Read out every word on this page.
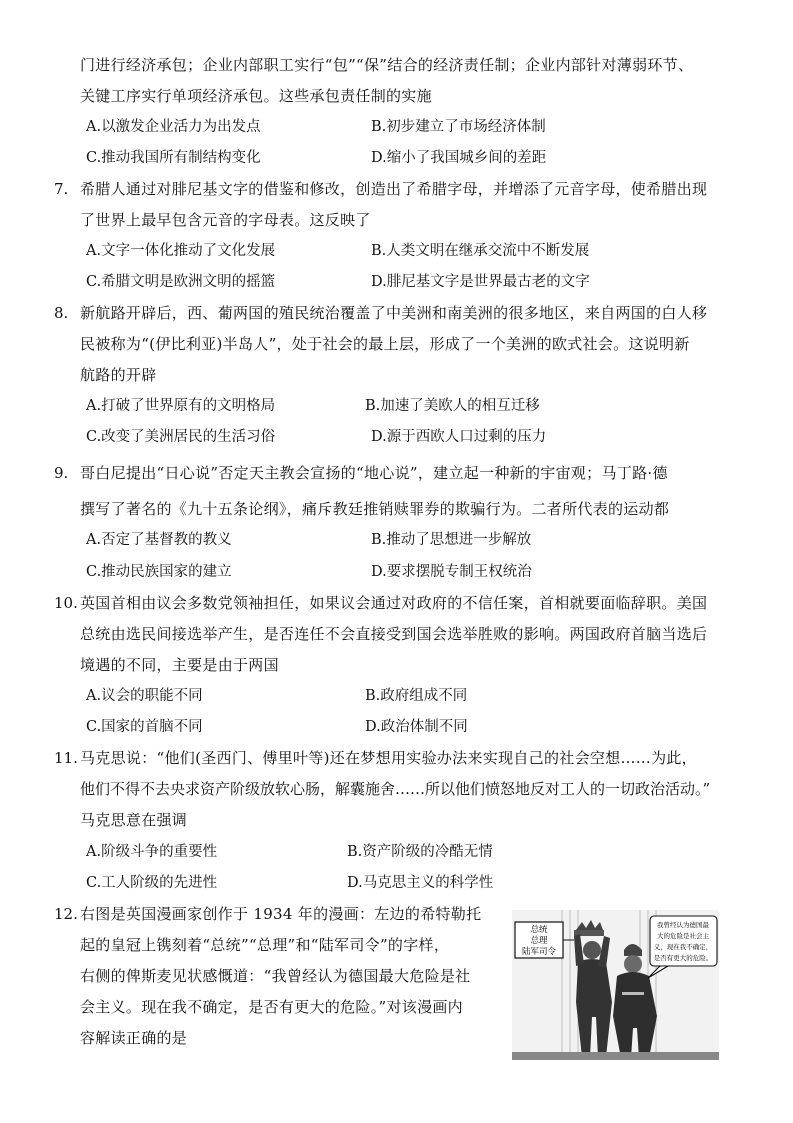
门进行经济承包；企业内部职工实行“包”“保”结合的经济责任制；企业内部针对薄弱环节、
关键工序实行单项经济承包。这些承包责任制的实施
A.以激发企业活力为出发点	B.初步建立了市场经济体制
C.推动我国所有制结构变化	D.缩小了我国城乡间的差距
7. 希腊人通过对腓尼基文字的借鉴和修改，创造出了希腊字母，并增添了元音字母，使希腊出现
了世界上最早包含元音的字母表。这反映了
A.文字一体化推动了文化发展	B.人类文明在继承交流中不断发展
C.希腊文明是欧洲文明的摇篮	D.腓尼基文字是世界最古老的文字
8. 新航路开辟后，西、葡两国的殖民统治覆盖了中美洲和南美洲的很多地区，来自两国的白人移
民被称为“(伊比利亚)半岛人”，处于社会的最上层，形成了一个美洲的欧式社会。这说明新
航路的开辟
A.打破了世界原有的文明格局	B.加速了美欧人的相互迁移
C.改变了美洲居民的生活习俗	D.源于西欧人口过剩的压力
9. 哥白尼提出“日心说”否定天主教会宣扬的“地心说”，建立起一种新的宇宙观；马丁路·德
撰写了著名的《九十五条论纲》，痛斥教廷推销赎罪券的欺骗行为。二者所代表的运动都
A.否定了基督教的教义	B.推动了思想进一步解放
C.推动民族国家的建立	D.要求摆脱专制王权统治
10. 英国首相由议会多数党领袖担任，如果议会通过对政府的不信任案，首相就要面临辞职。美国
总统由选民间接选举产生，是否连任不会直接受到国会选举胜败的影响。两国政府首脑当选后
境遇的不同，主要是由于两国
A.议会的职能不同	B.政府组成不同
C.国家的首脑不同	D.政治体制不同
11. 马克思说：“他们(圣西门、傅里叶等)还在梦想用实验办法来实现自己的社会空想……为此，
他们不得不去央求资产阶级放软心肠，解囊施舍……所以他们愤怒地反对工人的一切政治活动。”
马克思意在强调
A.阶级斗争的重要性	B.资产阶级的冷酷无情
C.工人阶级的先进性	D.马克思主义的科学性
12. 右图是英国漫画家创作于 1934 年的漫画：左边的希特勒托
起的皇冠上镌刻着“总统”“总理”和“陆军司令”的字样，
右侧的俾斯麦见状感慨道：“我曾经认为德国最大危险是社
会主义。现在我不确定，是否有更大的危险。”对该漫画内
容解读正确的是
总统
总理
陆军司令
我曾经认为德国最
大的危险是社会主
义，现在我不确定，
是否有更大的危险。
